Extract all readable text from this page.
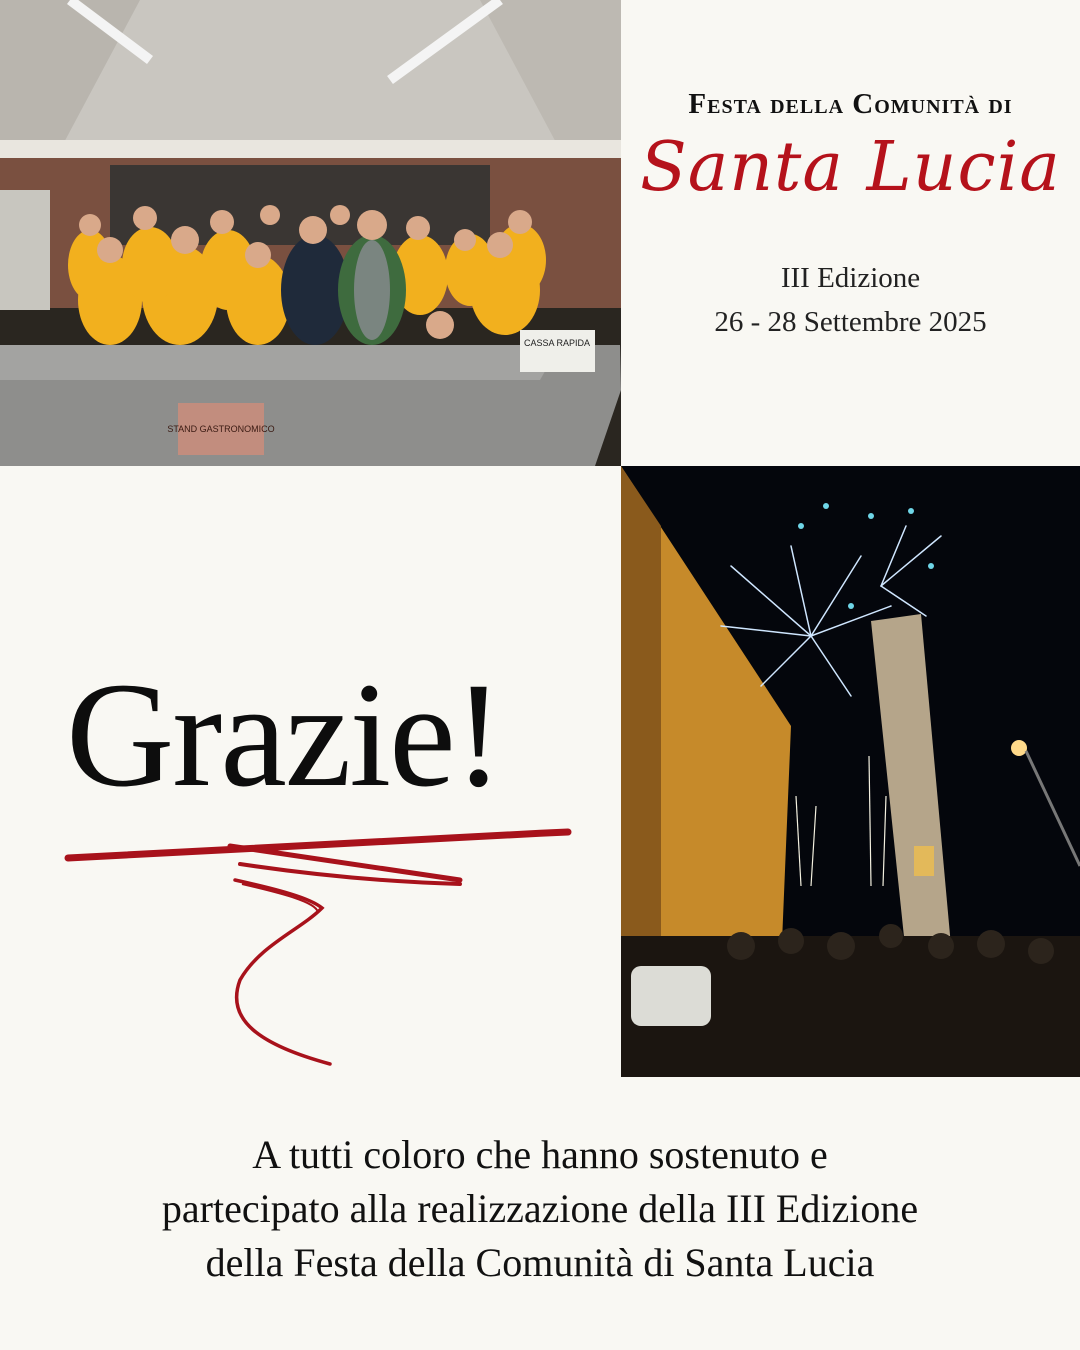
CASSA RAPIDA
STAND GASTRONOMICO
Festa della Comunità di
Santa Lucia
III Edizione
26 - 28 Settembre 2025
Grazie!
A tutti coloro che hanno sostenuto e
partecipato alla realizzazione della III Edizione
della Festa della Comunità di Santa Lucia
